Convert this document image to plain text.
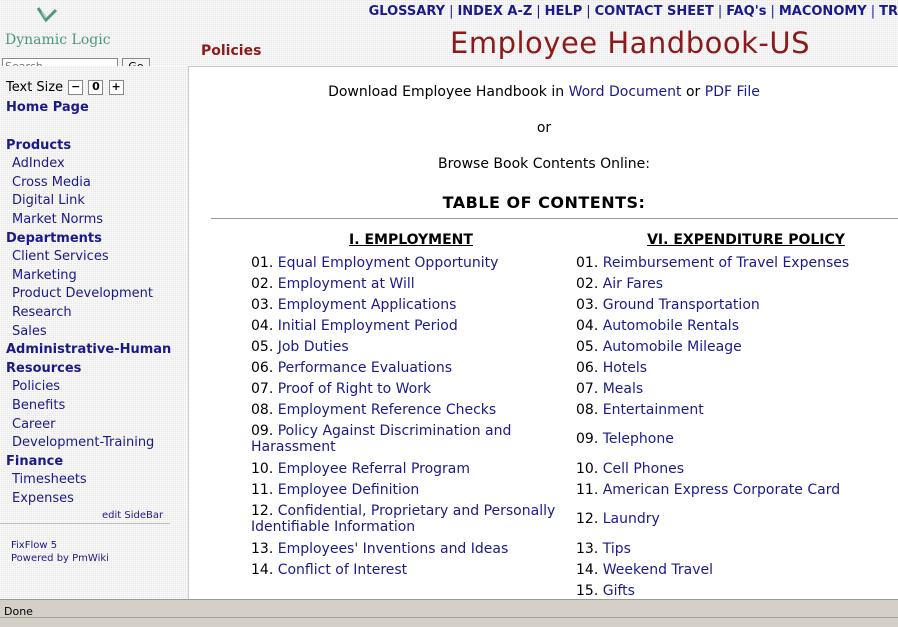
Dynamic Logic
GLOSSARY | INDEX A-Z | HELP | CONTACT SHEET | FAQ's | MACONOMY | TR
Policies	Employee Handbook-US
Search
Text Size − 0 +
Home Page
Products
AdIndex
Cross Media
Digital Link
Market Norms
Departments
Client Services
Marketing
Product Development
Research
Sales
Administrative-Human Resources
Policies
Benefits
Career
Development-Training
Finance
Timesheets
Expenses
edit SideBar
FixFlow 5
Powered by PmWiki
Download Employee Handbook in Word Document or PDF File
or
Browse Book Contents Online:
TABLE OF CONTENTS:
I. EMPLOYMENT
01. Equal Employment Opportunity
02. Employment at Will
03. Employment Applications
04. Initial Employment Period
05. Job Duties
06. Performance Evaluations
07. Proof of Right to Work
08. Employment Reference Checks
09. Policy Against Discrimination and Harassment
10. Employee Referral Program
11. Employee Definition
12. Confidential, Proprietary and Personally Identifiable Information
13. Employees' Inventions and Ideas
14. Conflict of Interest
VI. EXPENDITURE POLICY
01. Reimbursement of Travel Expenses
02. Air Fares
03. Ground Transportation
04. Automobile Rentals
05. Automobile Mileage
06. Hotels
07. Meals
08. Entertainment
09. Telephone
10. Cell Phones
11. American Express Corporate Card
12. Laundry
13. Tips
14. Weekend Travel
15. Gifts
Done
